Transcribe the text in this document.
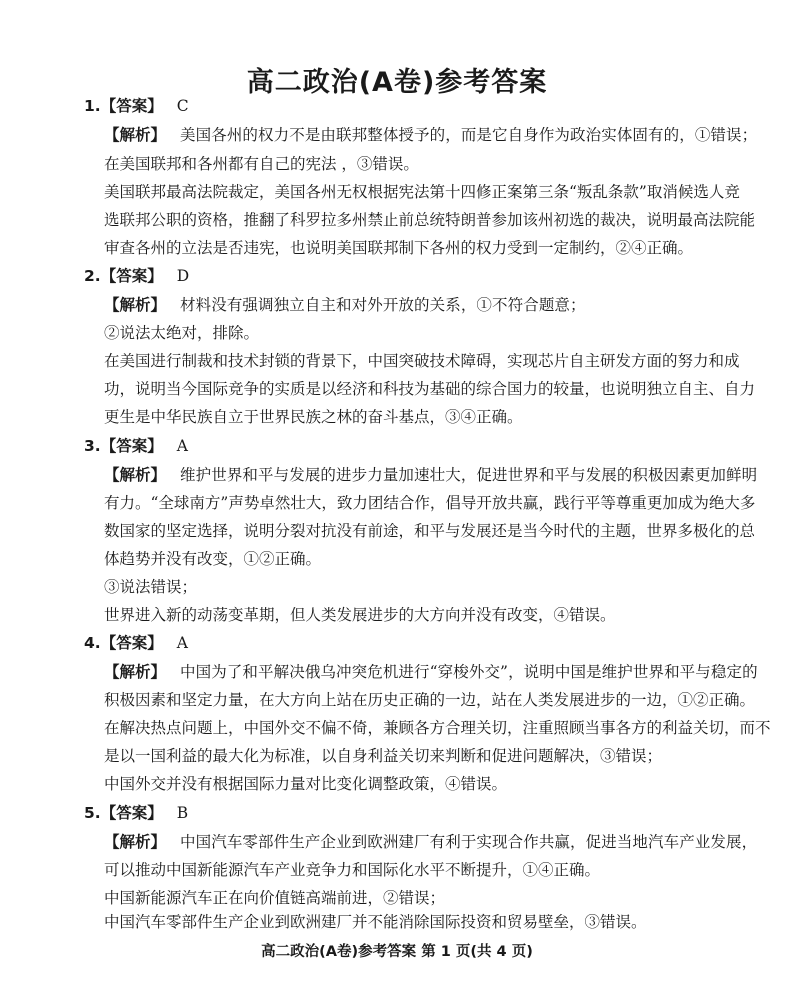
高二政治(A卷)参考答案
1.【答案】 C
【解析】 美国各州的权力不是由联邦整体授予的，而是它自身作为政治实体固有的，①错误；
在美国联邦和各州都有自己的宪法 ，③错误。
美国联邦最高法院裁定，美国各州无权根据宪法第十四修正案第三条“叛乱条款”取消候选人竞
选联邦公职的资格，推翻了科罗拉多州禁止前总统特朗普参加该州初选的裁决，说明最高法院能
审查各州的立法是否违宪，也说明美国联邦制下各州的权力受到一定制约，②④正确。
2.【答案】 D
【解析】 材料没有强调独立自主和对外开放的关系，①不符合题意；
②说法太绝对，排除。
在美国进行制裁和技术封锁的背景下，中国突破技术障碍，实现芯片自主研发方面的努力和成
功，说明当今国际竞争的实质是以经济和科技为基础的综合国力的较量，也说明独立自主、自力
更生是中华民族自立于世界民族之林的奋斗基点，③④正确。
3.【答案】 A
【解析】 维护世界和平与发展的进步力量加速壮大，促进世界和平与发展的积极因素更加鲜明
有力。“全球南方”声势卓然壮大，致力团结合作，倡导开放共赢，践行平等尊重更加成为绝大多
数国家的坚定选择，说明分裂对抗没有前途，和平与发展还是当今时代的主题，世界多极化的总
体趋势并没有改变，①②正确。
③说法错误；
世界进入新的动荡变革期，但人类发展进步的大方向并没有改变，④错误。
4.【答案】 A
【解析】 中国为了和平解决俄乌冲突危机进行“穿梭外交”，说明中国是维护世界和平与稳定的
积极因素和坚定力量，在大方向上站在历史正确的一边，站在人类发展进步的一边，①②正确。
在解决热点问题上，中国外交不偏不倚，兼顾各方合理关切，注重照顾当事各方的利益关切，而不
是以一国利益的最大化为标准，以自身利益关切来判断和促进问题解决，③错误；
中国外交并没有根据国际力量对比变化调整政策，④错误。
5.【答案】 B
【解析】 中国汽车零部件生产企业到欧洲建厂有利于实现合作共赢，促进当地汽车产业发展，
可以推动中国新能源汽车产业竞争力和国际化水平不断提升，①④正确。
中国新能源汽车正在向价值链高端前进，②错误；
中国汽车零部件生产企业到欧洲建厂并不能消除国际投资和贸易壁垒，③错误。
高二政治(A卷)参考答案 第 1 页(共 4 页)
